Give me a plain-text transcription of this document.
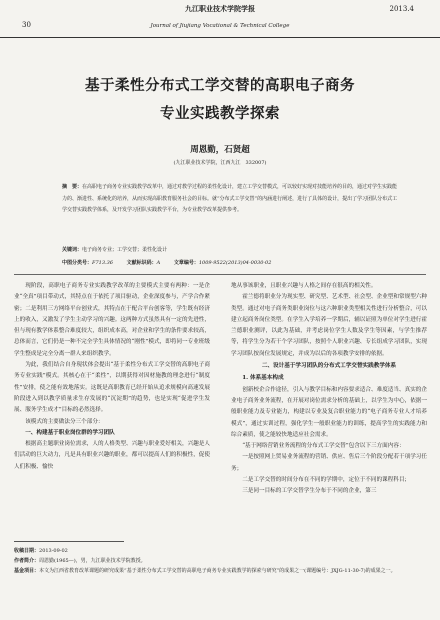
九江职业技术学院学报	2013.4
30	Journal of Jiujiang Vocational & Technical College
基于柔性分布式工学交替的高职电子商务
专业实践教学探索
周恩勤，石贤超
(九江职业技术学院，江西九江　332007)
摘　要：在高职电子商务专业实践教学改革中，通过对教学过程的柔性化设计，建立工学交替模式，可以较好实现对技能培养的目的，通过对学生实践能力的、渐进性、系统化的培养，从而实现高职教育服务社会的目标。就“分布式工学交替”的内涵进行阐述，进行了具体的设计，提出了学习团队分布式工学交替实践教学体系，及开发学习团队实践教学平台，为专业教学改革提供参考。
关键词：电子商务专业；工学交替；柔性化设计
中图分类号：F713.36	文献标识码：A	文章编号：1009-9522(2013)04-0030-02

现阶段，高职电子商务专业实践教学改革的主要模式主要有两种：一是企业“全真”项目带动式，其特点在于依托了项目驱动，企业深度参与，产学合作紧密；二是利用三方网络平台创业式，其特点在于配合平台创客等，学生既有经济上的收入，又激发了学生主动学习的兴趣。这两种方式虽然具有一定的先进性，但与现有教学体系整合难度较大，组织成本高，对企业和学生的条件要求较高，总体而言，它们仍是一种不完全学生具体情况的“刚性”模式，即将同一专业班级学生整成是完全分离一群人来组织教学。

为此，我们结合自身現状体会提出“基于柔性分布式工学交替的高职电子商务专业实践”模式。其核心在于“柔性”，以期获得对因材施教的理念进行“制度性”安排，使之能有效地落实。这既是高职教育已经开始从追求规模向高速发展阶段进入到以教学质量求生存发展的“沉淀期”的趋势，也是实现“促进学生发展、服务学生成才”目标的必然选择。

该模式的主要做法分三个部分：

一、构建基于职业岗位群的学习团队

根据高主题职业岗位需求，人的人格类型、兴趣与职业爱好相关，兴趣是人们活动的巨大动力，凡是具有职业兴趣的职业，都可以提高人们的积极性，促使人们积极、愉快

地从事该职业，且职业兴趣与人格之间存在很高的相关性。

霍兰德将职业分为现实型、研究型、艺术型、社会型、企业型和常规型六种类型。通过对电子商务类职业岗位与这六种职业类型相关性进行分析整合，可以建立起商务岗位类型。在学生入学培养一学期后，辅以证照为单位对学生进行霍兰德职业测评，以此为基础，并考虑岗位学生人数及学生等因素，与学生推荐等，将学生分为若干个学习团队，按照个人职业兴趣、专长组成学习团队，实现学习团队按岗位发展规定，并成为以后的各项教学安排的依据。

二、设计基于学习团队的分布式工学交替实践教学体系

1. 体系基本构成

创新校企合作途径，引入与教学目标和内容要求适合、难度适当、真实的企业电子商务业务流程，在开展对岗位需求分析的基础上，以学生为中心，依据一般职业能力及专业能力，构建以专业及复合职业能力的“电子商务专业人才培养模式”，通过实训过程，强化学生一般职业能力的训练，提高学生的实践能力和综合素质，使之能较快地适应社会需求。

“基于网络营销业务流程的分布式工学交替”包含以下三方面内容：

一是按照网上贸易业务流程的营销、供应、售后三个阶段分配若干项学习任务；

二是工学交替的时间分布在不同的学期中，定位于不同的课程科目；

三是同一目标的工学交替学生分布于不同的企业，第三

收稿日期：2013-09-02

作者简介：周恩勤(1965—)，男，九江职业技术学院教授。

基金项目：本文为江西省教育改革课题的研究成果“基于柔性分布式工学交替的高职电子商务专业实践教学的探索与研究”的成果之一(课题编号：JXJG-11-30-7)的成果之一。
